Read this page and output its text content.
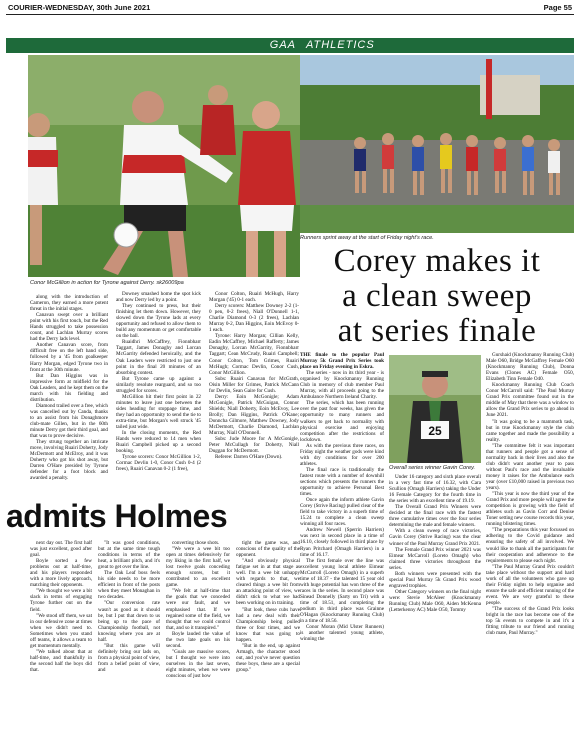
COURIER-WEDNESDAY, 30th June 2021	Page 55
GAA ATHLETICS
Conor McGillion in action for Tyrone against Derry. sk26009pa

along with the introduction of Cameron, they earned a more potent threat in the initial stages.

Canavan swept over a brilliant point with his first touch, but the Red Hands struggled to take possession count, and Lachlan Murray scores had the Derry lads level.

Another Canavan score, from difficult free on the left hand side, followed by a '45 from goalkeeper Harry Morgan, edged Tyrone two in front at the 30th minute.

But Dan Higgins was in impressive form at midfield for the Oak Leaders, and he kept them on the march with his fielding and distribution.

Diamond trailed over a free, which was cancelled out by Canda, thanks to an assist from his Donaghmore club-mate Gillen, but in the 60th minute Derry got their third goal, and that was to prove decisive.

They strung together an intricate move, involving Ruairi Doherty, Jody McDermott and McElroy, and it was Doherty who got his shot away, but Darren O'Hare presided by Tyrone defender for a foot block and awarded a penalty.

Downey smashed home the spot kick and now Derry led by a point.

They continued to press, but their finishing let them down. However, they slowed down the Tyrone lads at every opportunity and refused to allow them to build any momentum or get comfortable on the ball.

Ruaidhri McCaffrey, Fionnbharr Taggart, James Donaghy and Lorcan McGarrity defended heroically, and the Oak Leaders were restricted to just one point in the final 20 minutes of an absorbing contest.

But Tyrone came up against a similarly resolute rearguard, and so too struggled for scores.

McGillion hit their first point in 22 minutes to leave just one between the sides heading for stoppage time, and they had an opportunity to send the tie to extra-time, but Morgan's well struck '45 tailed just wide.

In the closing moments, the Red Hands were reduced to 14 men when Ruairi Campbell picked up a second booking.

Tyrone scorers: Conor McGillion 1-2, Cormac Devlin 1-0, Conor Cush 0-4 (2 frees), Ruairi Canavan 0-2 (1 free),

Conor Colton, Ruairi McHugh, Harry Morgan ('45) 0-1 each.

Derry scorers: Matthew Downey 2-2 (1-0 pen, 0-2 frees), Niall O'Donnell 1-1, Charlie Diamond 0-3 (2 frees), Lachlan Murray 0-2, Dan Higgins, Eoin McEvoy 0-1 each.

Tyrone: Harry Morgan; Cillian Kelly, Eadin McCaffrey, Michael Rafferty; James Donaghy, Lorcan McGarrity, Fionnbharr Taggart; Cean McCrudy, Ruairi Campbell; Conor Colton, Tom Grimes, Ruairi McHugh; Cormac Devlin, Conor Cush, Conor McGillion.

Subs: Ruairi Canavan for McGrath, Oisin Miller for Grimes, Patrick McCann for Devlin, Sean Gaire for Cush.

Derry: Eoin McGonigle; Adam McGonigle, Patrick McGuigan, Connor Shields; Niall Doherty, Eoin McEvoy, Lee Brolly; Dan Higgins, Patrick O'Kane; Donncha Gilmore, Matthew Downey, Jody McDermott, Charlie Diamond, Lachlan Murray, Niall O'Donnell.

Subs: Jude Moore for A McGonigle, Peter McCullagh for Doherty, Niall Duggan for McDermott.

Referee: Darren O'Hare (Down).

admits Holmes

next day out. The first half was just excellent, good after goal.

Boyle sorted a few problems out at half-time, and his players responded with a more lively approach, matching their opponents.

"We thought we were a bit slack in terms of engaging Tyrone further out on the field.

"We stood off them, we sat in our defensive zone at times when we didn't need to. Sometimes when you stand off teams, it allows a team to get momentum mentally.

"We talked about that at half-time, and thankfully in the second half the boys did that.

"It was good conditions, but at the same time tough conditions in terms of the heat, a brilliant pitch, and it's great to get over the line.

The Oak Leaf boss feels his side needs to be more efficient in front of the posts when they meet Monaghan in two decades.

"Our conversion rate wasn't as good as it should be, but I put that down to us being up to the pace of Championship football, not knowing where you are at half.

"But this game will definitely bring our lads on, from a physical point of view, from a belief point of view, and

converting those shots.

"We were a wee bit too open at times defensively for my liking in the first half, we lost twelve goals conceding enough scores, but it contributed to an excellent game.

"We felt at half-time that the goals that we conceded were our fault, and we emphasised that. If we regained some of the field, we thought that we could control that, and so it transpired."

Boyle lauded the value of the two late goals on his second.

"Goals are massive scores, but I thought we were into ourselves in the last seven, eight minutes, when we were conscious of just how

tight the game was, and conscious of the quality of the opponent.

"And obviously physical fatigue set in at that stage as well. I'm a wee bit unhappy with regards to that, we cleared things a wee bit from an attacking point of view, we didn't stick to what we had been working on in training.

"But look, these cubs have had a new deal with their Championship being pulled three or four times, and we know that was going to happen.

"But in the end, up against Armagh, the character stood out, and you've never question these boys, these are a special group."

Runners sprint away at the start of Friday night's race.
Corey makes it
a clean sweep
at series finale

THE finale to the popular Paul Murray 5k Grand Prix Series took place on Friday evening in Eskra.

The series - now in its third year - is organised by Knockmanny Running Club in memory of club member Paul Murray, with all proceeds going to the Ambulance Northern Ireland Charity.

The series, which has been running over the past four weeks, has given the opportunity to many runners and walkers to get back to normality with physical exercise and enjoying competition after the restrictions of lockdown.

As with the previous three races, on Friday night the weather gods were kind with dry conditions for over 200 athletes.

The final race is traditionally the fastest route with a number of downhill sections which presents the runners the opportunity to achieve Personal Best times.

Once again the inform athlete Gavin Corey (Strive Racing) pulled clear of the field to take victory in a superb time of 15.24 to complete a clean sweep winning all four races.

Andrew Newell (Sperrin Harriers) was next in second place in a time of 16.10, closely followed in third place by Ryan Pritchard (Omagh Harriers) in a time of 16.17.

The first female over the line was excellent young local athlete Eimear McCarroll (Loreto Omagh) in a superb time of 18.37 - the talented 15 year old with huge potential has won three of the races in the series. In second place was Sinead Donnelly (Sarty on Tri) with a time of 18.51, and completing the podium in third place was Grainne O'Hagan (Knockmanny Running Club) in a time of 18.56.

Conor Moran (Mid Ulster Runners) is another talented young athlete, winning the

25
Overall series winner Gavin Corey.

Under 16 category and sixth place overall in a very fast time of 16.32, with Cara Scullion (Omagh Harriers) taking the Under 16 Female Category for the fourth time in the series with an excellent time of 19.19.

The Overall Grand Prix Winners were decided at the final race with the fastest three cumulative times over the four series determining the male and female winners.

With a clean sweep of race victories, Gavin Corey (Strive Racing) was the clear winner of the Paul Murray Grand Prix 2021.

The Female Grand Prix winner 2021 was Eimear McCarroll (Loreto Omagh) who claimed three victories throughout the series.

Both winners were presented with the special Paul Murray 5k Grand Prix wood engraved trophies.

Other Category winners on the final night were: Stevie McAleer (Knockmanny Running Club) Male O60, Aiden McKenna (Letterkenny AC) Male O50, Tommy

Gurshaid (Knockmanny Running Club) Male O60, Bridge McGaffrey Female O60 (Knockmanny Running Club), Donna Evans (Clones AC) Female O50, Elizabeth Tinn Female O40.

Knockmanny Running Club Coach Conor McCarroll said: "The Paul Murray Grand Prix committee found out in the middle of May that there was a window to allow the Grand Prix series to go ahead in June 2021.

"It was going to be a mammoth task, but in true Knockmanny style the club came together and made the possibility a reality.

"The committee felt it was important that runners and people got a sense of normality back in their lives and also the club didn't want another year to pass without Paul's race and the invaluable money it raises for the Ambulance each year (over £10,000 raised in previous two years).

"This year is now the third year of the Grand Prix and more people will agree the competition is growing with the field of athletes such as Gavin Corr and Denise Toner setting new course records this year, running blistering times.

"The preparations this year focussed on adhering to the Covid guidance and ensuring the safety of all involved. We would like to thank all the participants for their cooperation and adherence to the requirements to please each night.

"The Paul Murray Grand Prix couldn't take place without the support and hard work of all the volunteers who gave up their Friday nights to help organise and ensure the safe and efficient running of the event. We are very grateful to these people.

"The success of the Grand Prix looks bright in the race has become one of the top 5k events to compete in and it's a fitting tribute to our friend and running club mate, Paul Murray."
